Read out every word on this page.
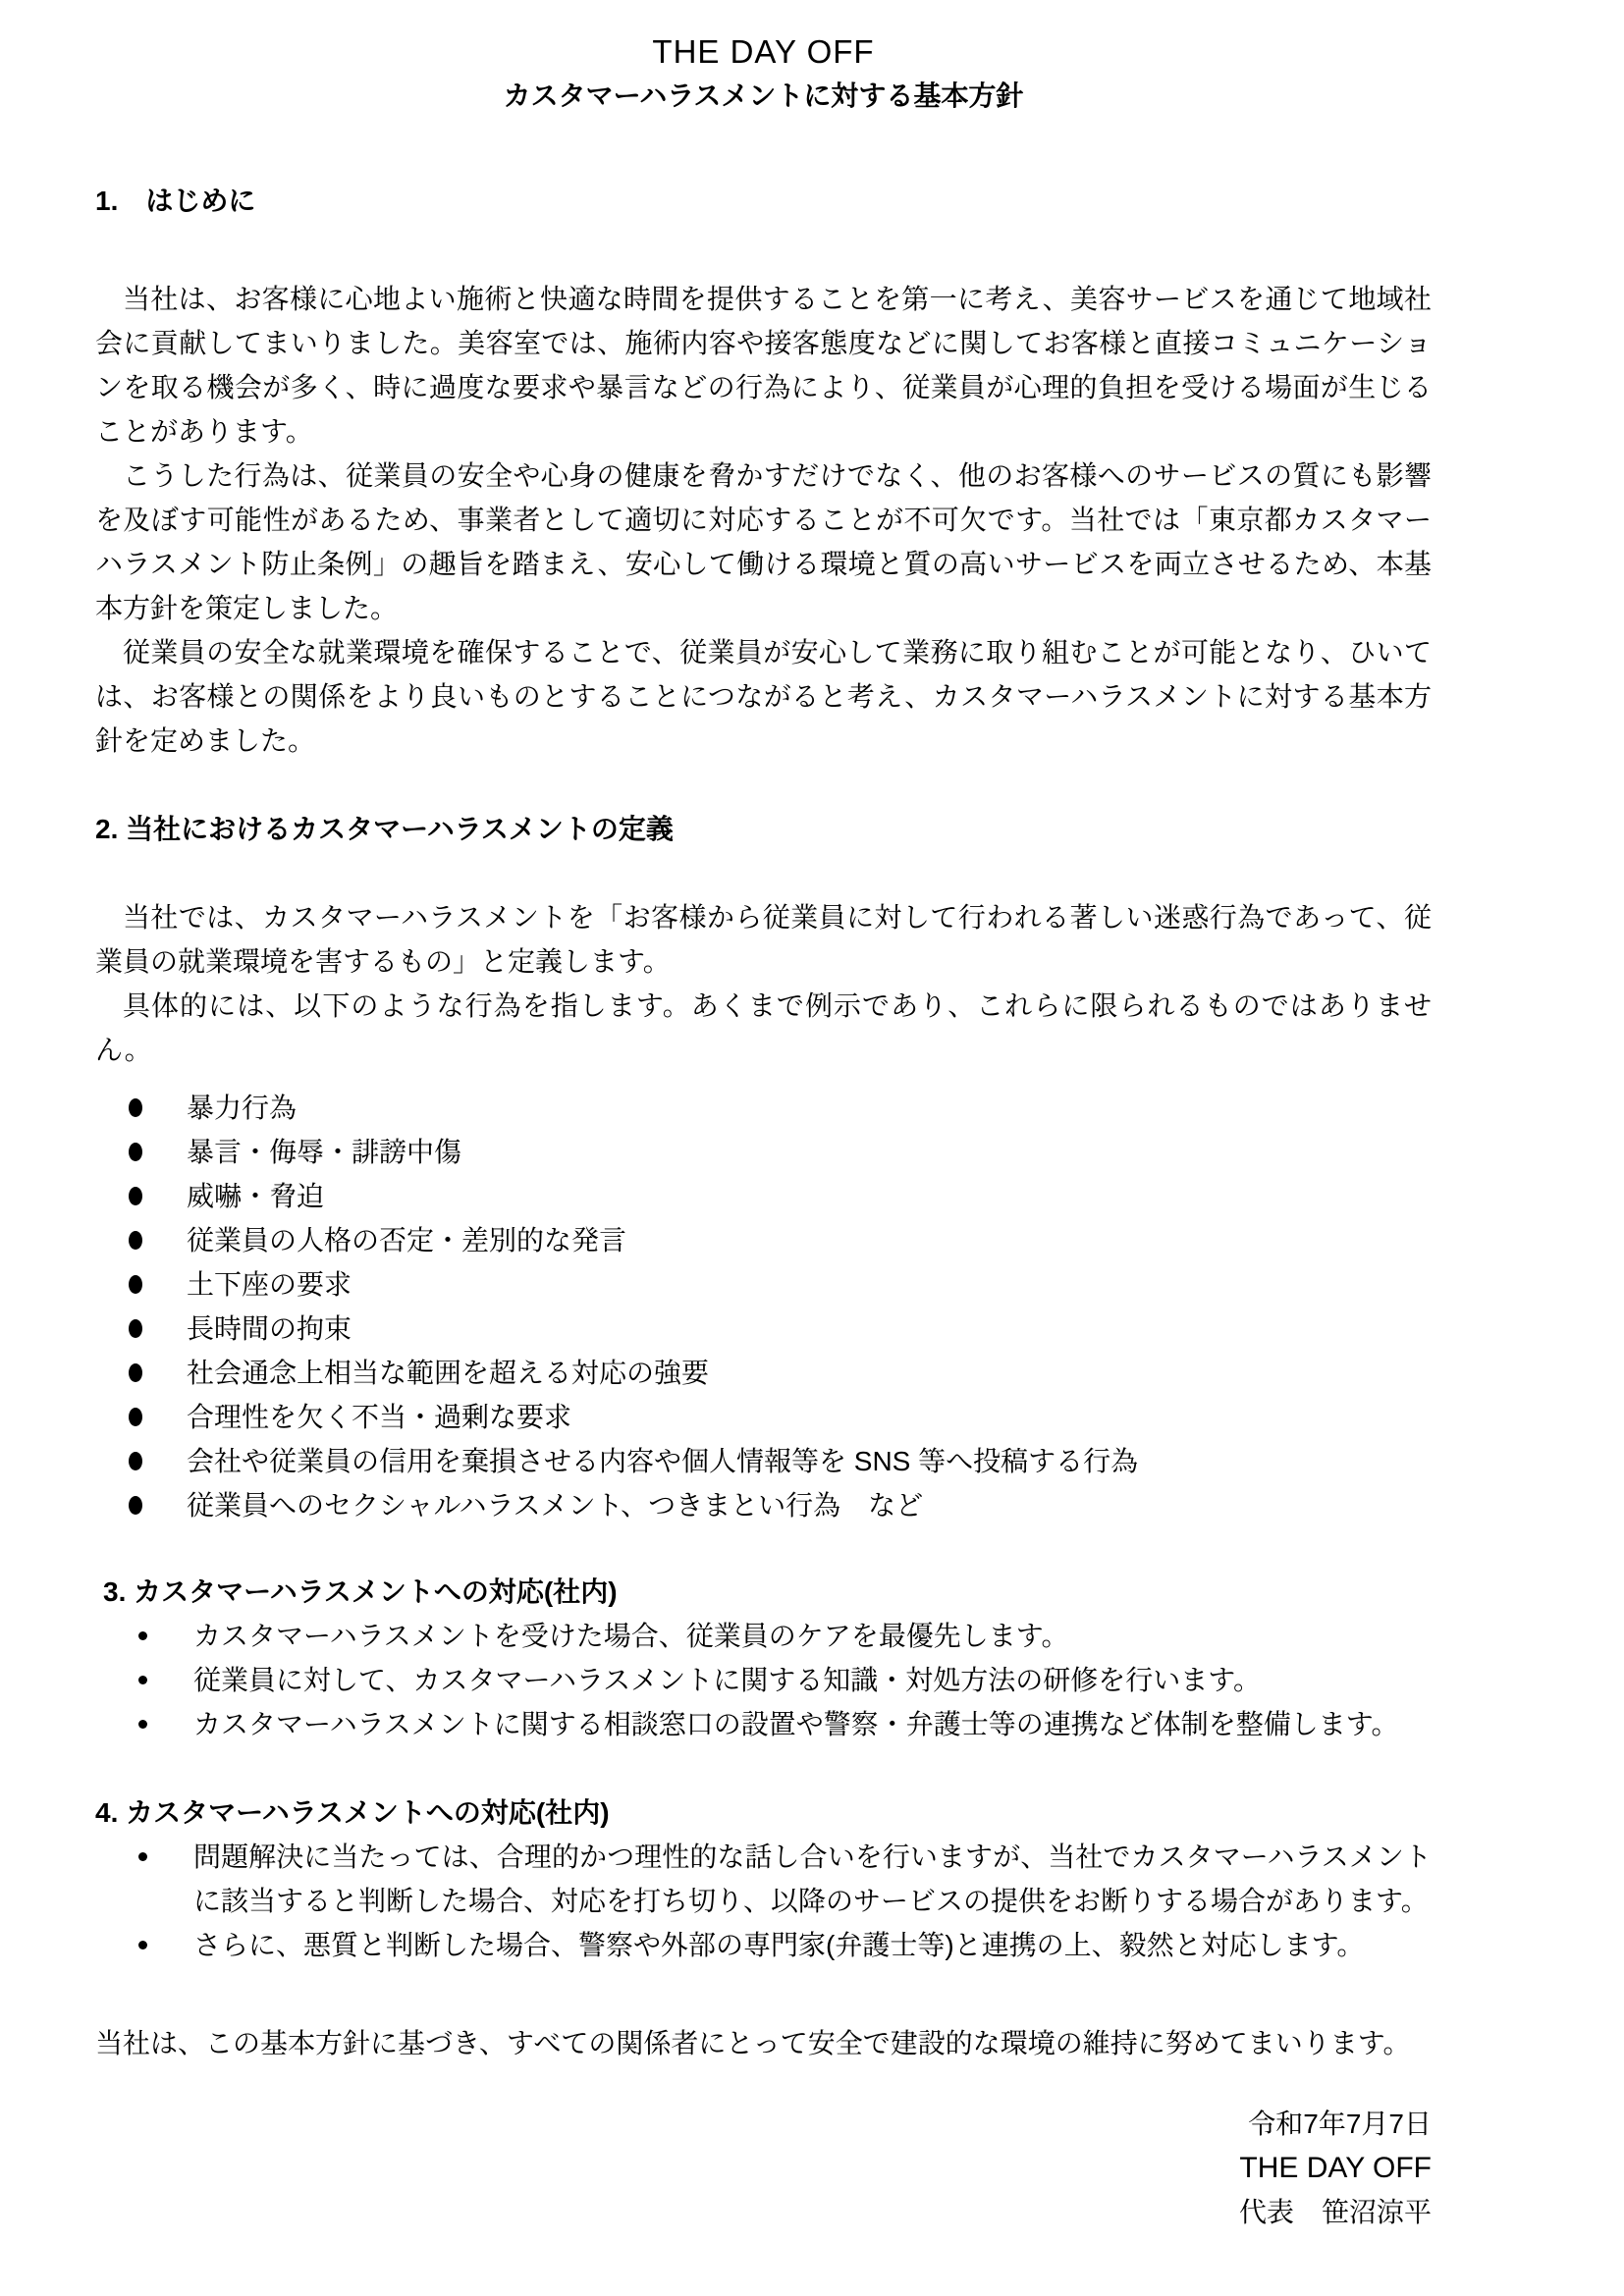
THE DAY OFF
カスタマーハラスメントに対する基本方針
1.　はじめに

当社は、お客様に心地よい施術と快適な時間を提供することを第一に考え、美容サービスを通じて地域社会に貢献してまいりました。美容室では、施術内容や接客態度などに関してお客様と直接コミュニケーションを取る機会が多く、時に過度な要求や暴言などの行為により、従業員が心理的負担を受ける場面が生じることがあります。

こうした行為は、従業員の安全や心身の健康を脅かすだけでなく、他のお客様へのサービスの質にも影響を及ぼす可能性があるため、事業者として適切に対応することが不可欠です。当社では「東京都カスタマーハラスメント防止条例」の趣旨を踏まえ、安心して働ける環境と質の高いサービスを両立させるため、本基本方針を策定しました。

従業員の安全な就業環境を確保することで、従業員が安心して業務に取り組むことが可能となり、ひいては、お客様との関係をより良いものとすることにつながると考え、カスタマーハラスメントに対する基本方針を定めました。

2. 当社におけるカスタマーハラスメントの定義

当社では、カスタマーハラスメントを「お客様から従業員に対して行われる著しい迷惑行為であって、従業員の就業環境を害するもの」と定義します。

具体的には、以下のような行為を指します。あくまで例示であり、これらに限られるものではありません。

暴力行為
暴言・侮辱・誹謗中傷
威嚇・脅迫
従業員の人格の否定・差別的な発言
土下座の要求
長時間の拘束
社会通念上相当な範囲を超える対応の強要
合理性を欠く不当・過剰な要求
会社や従業員の信用を棄損させる内容や個人情報等を SNS 等へ投稿する行為
従業員へのセクシャルハラスメント、つきまとい行為　など
3. カスタマーハラスメントへの対応(社内)
カスタマーハラスメントを受けた場合、従業員のケアを最優先します。
従業員に対して、カスタマーハラスメントに関する知識・対処方法の研修を行います。
カスタマーハラスメントに関する相談窓口の設置や警察・弁護士等の連携など体制を整備します。
4. カスタマーハラスメントへの対応(社内)
問題解決に当たっては、合理的かつ理性的な話し合いを行いますが、当社でカスタマーハラスメントに該当すると判断した場合、対応を打ち切り、以降のサービスの提供をお断りする場合があります。
さらに、悪質と判断した場合、警察や外部の専門家(弁護士等)と連携の上、毅然と対応します。

当社は、この基本方針に基づき、すべての関係者にとって安全で建設的な環境の維持に努めてまいります。

令和7年7月7日
THE DAY OFF
代表　笹沼涼平
